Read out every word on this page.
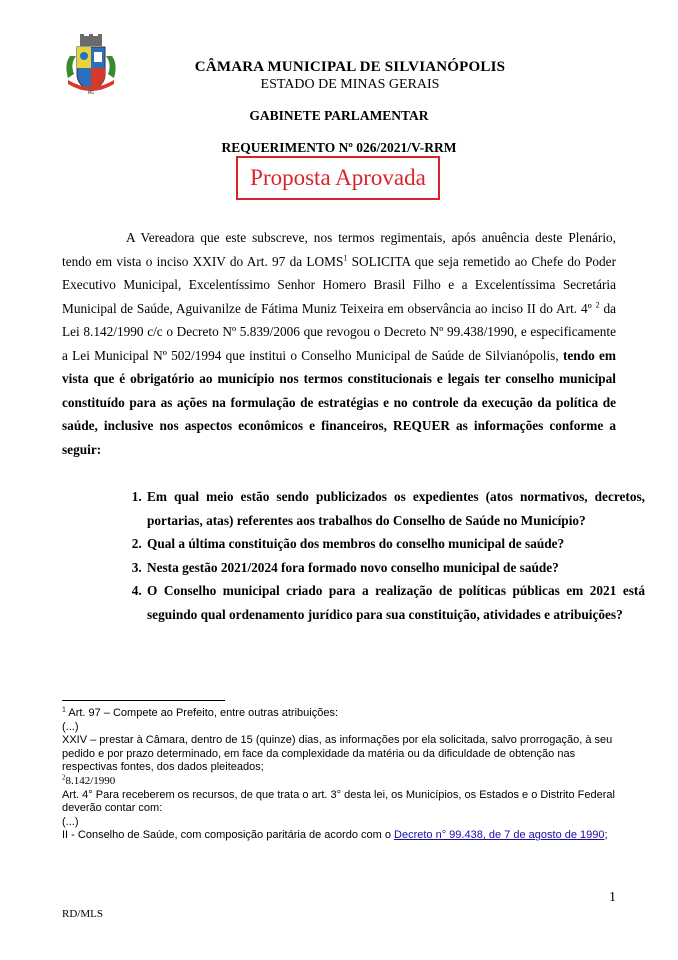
MG
CÂMARA MUNICIPAL DE SILVIANÓPOLIS
ESTADO DE MINAS GERAIS
GABINETE PARLAMENTAR
REQUERIMENTO Nº 026/2021/V-RRM
Proposta Aprovada
A Vereadora que este subscreve, nos termos regimentais, após anuência deste Plenário, tendo em vista o inciso XXIV do Art. 97 da LOMS$^1$ SOLICITA que seja remetido ao Chefe do Poder Executivo Municipal, Excelentíssimo Senhor Homero Brasil Filho e a Excelentíssima Secretária Municipal de Saúde, Aguivanilze de Fátima Muniz Teixeira em observância ao inciso II do Art. 4º $^2$ da Lei 8.142/1990 c/c o Decreto Nº 5.839/2006 que revogou o Decreto Nº 99.438/1990, e especificamente a Lei Municipal Nº 502/1994 que institui o Conselho Municipal de Saúde de Silvianópolis, tendo em vista que é obrigatório ao município nos termos constitucionais e legais ter conselho municipal constituído para as ações na formulação de estratégias e no controle da execução da política de saúde, inclusive nos aspectos econômicos e financeiros, REQUER as informações conforme a seguir:
1. Em qual meio estão sendo publicizados os expedientes (atos normativos, decretos, portarias, atas) referentes aos trabalhos do Conselho de Saúde no Município?
2. Qual a última constituição dos membros do conselho municipal de saúde?
3. Nesta gestão 2021/2024 fora formado novo conselho municipal de saúde?
4. O Conselho municipal criado para a realização de políticas públicas em 2021 está seguindo qual ordenamento jurídico para sua constituição, atividades e atribuições?

$^1$ Art. 97 – Compete ao Prefeito, entre outras atribuições:

(...)

XXIV – prestar à Câmara, dentro de 15 (quinze) dias, as informações por ela solicitada, salvo prorrogação, à seu pedido e por prazo determinado, em face da complexidade da matéria ou da dificuldade de obtenção nas respectivas fontes, dos dados pleiteados;

$^2$8.142/1990

Art. 4° Para receberem os recursos, de que trata o art. 3° desta lei, os Municípios, os Estados e o Distrito Federal deverão contar com:

(...)

II - Conselho de Saúde, com composição paritária de acordo com o Decreto n° 99.438, de 7 de agosto de 1990;

1
RD/MLS
